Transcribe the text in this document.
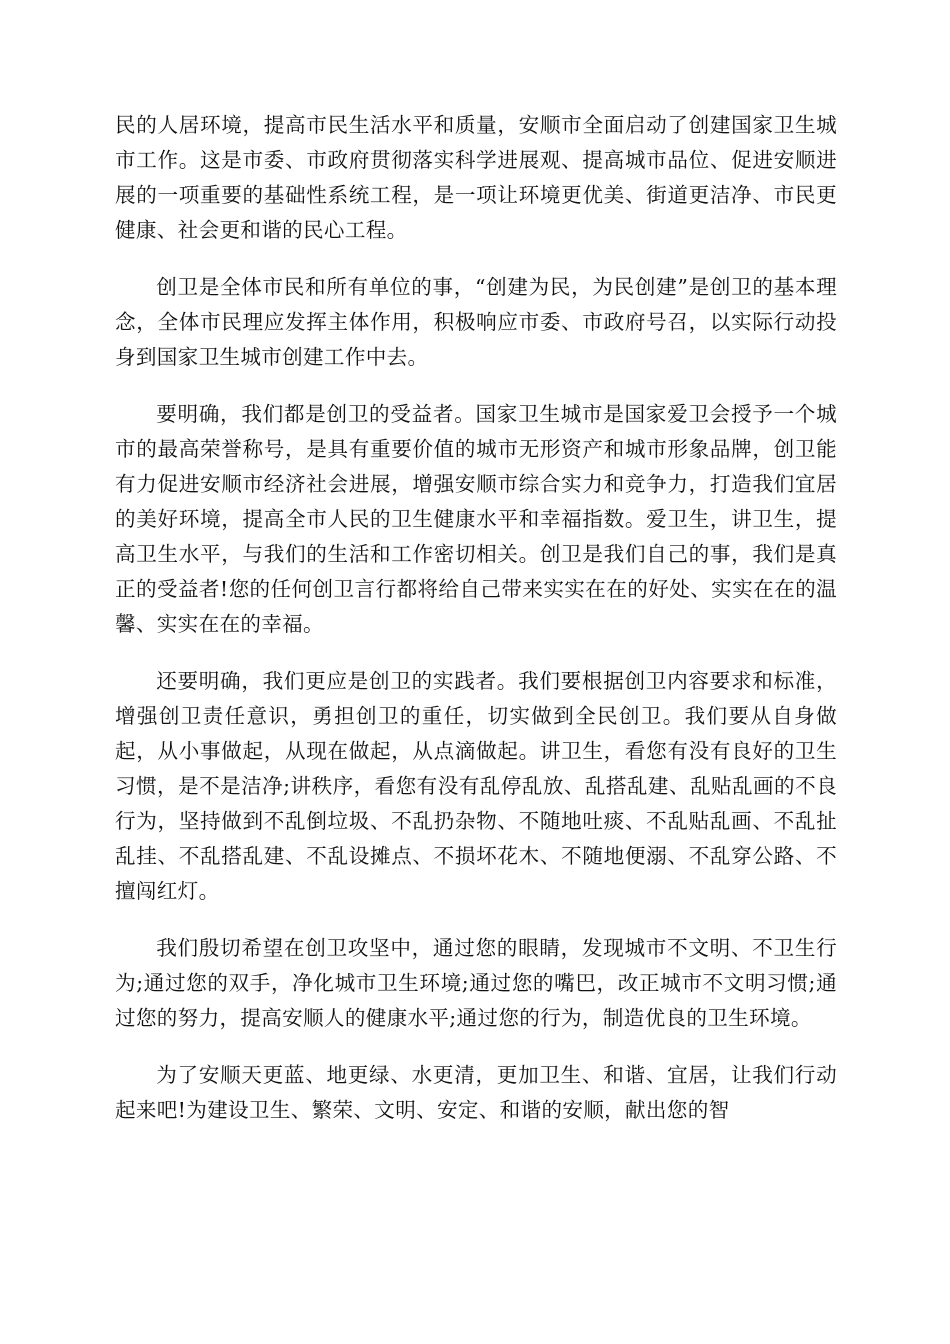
民的人居环境，提高市民生活水平和质量，安顺市全面启动了创建国家卫生城市工作。这是市委、市政府贯彻落实科学进展观、提高城市品位、促进安顺进展的一项重要的基础性系统工程，是一项让环境更优美、街道更洁净、市民更健康、社会更和谐的民心工程。

创卫是全体市民和所有单位的事，“创建为民，为民创建”是创卫的基本理念，全体市民理应发挥主体作用，积极响应市委、市政府号召，以实际行动投身到国家卫生城市创建工作中去。

要明确，我们都是创卫的受益者。国家卫生城市是国家爱卫会授予一个城市的最高荣誉称号，是具有重要价值的城市无形资产和城市形象品牌，创卫能有力促进安顺市经济社会进展，增强安顺市综合实力和竞争力，打造我们宜居的美好环境，提高全市人民的卫生健康水平和幸福指数。爱卫生，讲卫生，提高卫生水平，与我们的生活和工作密切相关。创卫是我们自己的事，我们是真正的受益者!您的任何创卫言行都将给自己带来实实在在的好处、实实在在的温馨、实实在在的幸福。

还要明确，我们更应是创卫的实践者。我们要根据创卫内容要求和标准，增强创卫责任意识，勇担创卫的重任，切实做到全民创卫。我们要从自身做起，从小事做起，从现在做起，从点滴做起。讲卫生，看您有没有良好的卫生习惯，是不是洁净;讲秩序，看您有没有乱停乱放、乱搭乱建、乱贴乱画的不良行为，坚持做到不乱倒垃圾、不乱扔杂物、不随地吐痰、不乱贴乱画、不乱扯乱挂、不乱搭乱建、不乱设摊点、不损坏花木、不随地便溺、不乱穿公路、不擅闯红灯。

我们殷切希望在创卫攻坚中，通过您的眼睛，发现城市不文明、不卫生行为;通过您的双手，净化城市卫生环境;通过您的嘴巴，改正城市不文明习惯;通过您的努力，提高安顺人的健康水平;通过您的行为，制造优良的卫生环境。

为了安顺天更蓝、地更绿、水更清，更加卫生、和谐、宜居，让我们行动起来吧!为建设卫生、繁荣、文明、安定、和谐的安顺，献出您的智
